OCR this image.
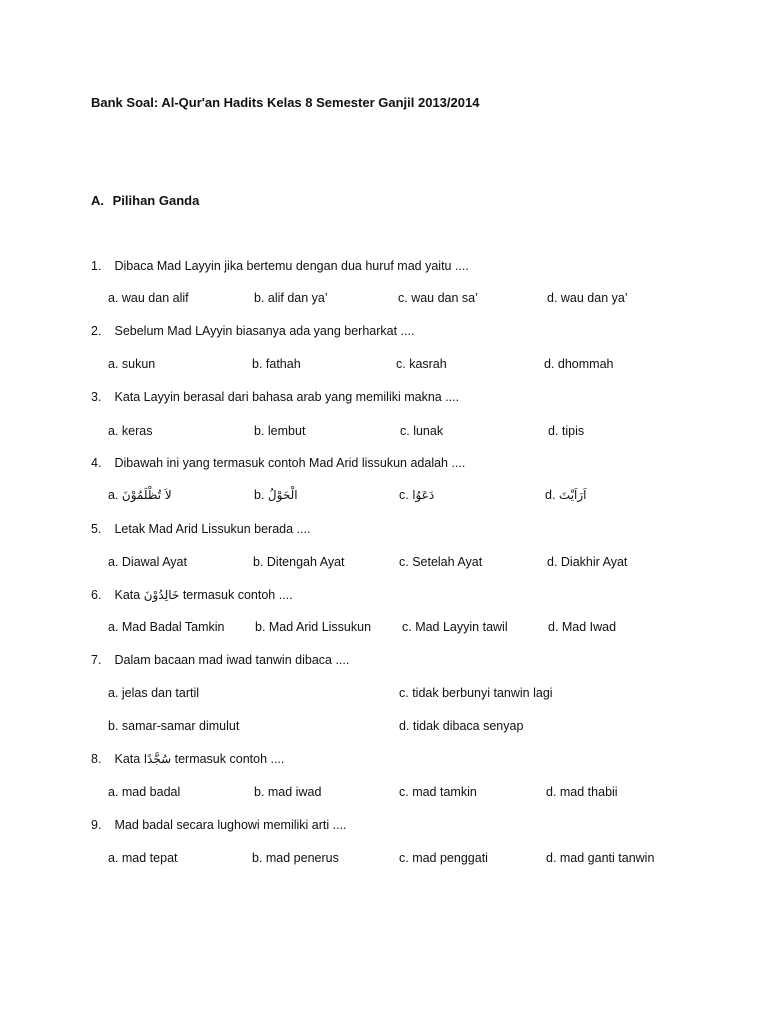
Bank Soal: Al-Qur'an Hadits Kelas 8 Semester Ganjil 2013/2014
A. Pilihan Ganda
1. Dibaca Mad Layyin jika bertemu dengan dua huruf mad yaitu ....
a. wau dan alif	b. alif dan ya’	c. wau dan sa’	d. wau dan ya’
2. Sebelum Mad LAyyin biasanya ada yang berharkat ....
a. sukun	b. fathah	c. kasrah	d. dhommah
3. Kata Layyin berasal dari bahasa arab yang memiliki makna ....
a. keras	b. lembut	c. lunak	d. tipis
4. Dibawah ini yang termasuk contoh Mad Arid lissukun adalah ....
a. لاَ تُظْلَمُوْنَ	b. الْحَوْلُ	c. دَعَوُا	d. اَرَاَيْتَ
5. Letak Mad Arid Lissukun berada ....
a. Diawal Ayat	b. Ditengah Ayat	c. Setelah Ayat	d. Diakhir Ayat
6. Kata خَالِدُوْنَ termasuk contoh ....
a. Mad Badal Tamkin b. Mad Arid Lissukun c. Mad Layyin tawil	d. Mad Iwad
7. Dalam bacaan mad iwad tanwin dibaca ....
a. jelas dan tartil	c. tidak berbunyi tanwin lagi
b. samar-samar dimulut	d. tidak dibaca senyap
8. Kata سُجَّدًا termasuk contoh ....
a. mad badal	b. mad iwad	c. mad tamkin	d. mad thabii
9. Mad badal secara lughowi memiliki arti ....
a. mad tepat	b. mad penerus	c. mad penggati	d. mad ganti tanwin
